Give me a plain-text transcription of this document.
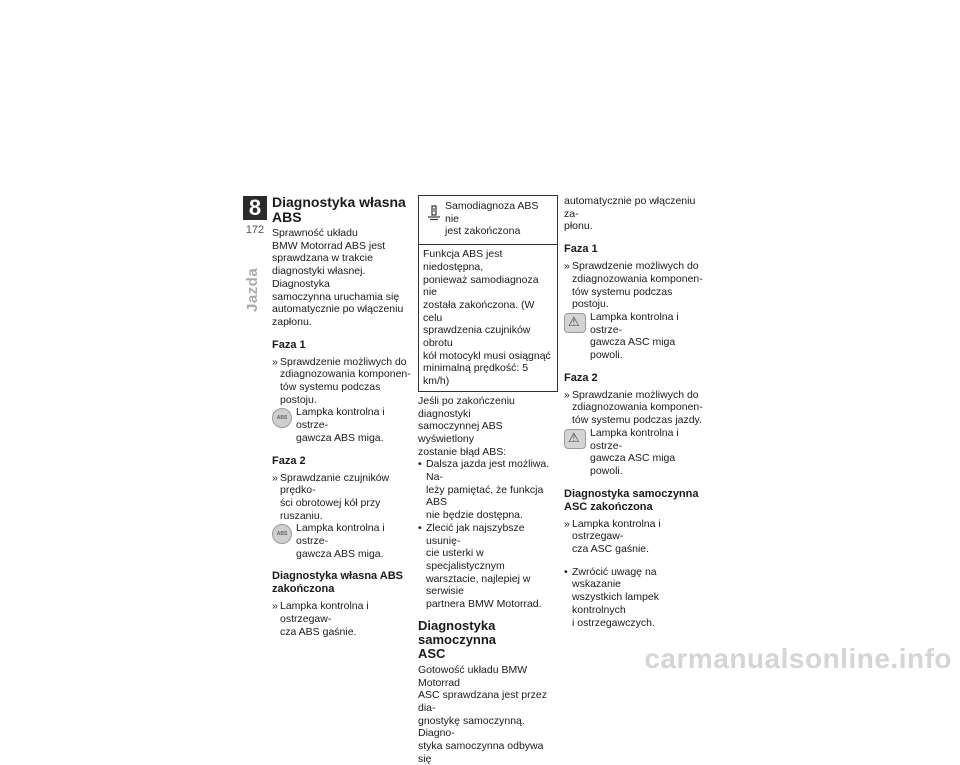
8
172
Jazda
Diagnostyka własna ABS

Sprawność układu
BMW Motorrad ABS jest
sprawdzana w trakcie
diagnostyki własnej. Diagnostyka
samoczynna uruchamia się
automatycznie po włączeniu
zapłonu.

Faza 1
» Sprawdzenie możliwych do
zdiagnozowania komponen-
tów systemu podczas postoju.

ABS Lampka kontrolna i ostrze-
gawcza ABS miga.

Faza 2
» Sprawdzanie czujników prędko-
ści obrotowej kół przy ruszaniu.

ABS Lampka kontrolna i ostrze-
gawcza ABS miga.

Diagnostyka własna ABS
zakończona
» Lampka kontrolna i ostrzegaw-
cza ABS gaśnie.

Samodiagnoza ABS nie
jest zakończona

Funkcja ABS jest niedostępna,
ponieważ samodiagnoza nie
została zakończona. (W celu
sprawdzenia czujników obrotu
kół motocykl musi osiągnąć
minimalną prędkość: 5 km/h)

Jeśli po zakończeniu diagnostyki
samoczynnej ABS wyświetlony
zostanie błąd ABS:

• Dalsza jazda jest możliwa. Na-
leży pamiętać, że funkcja ABS
nie będzie dostępna.

• Zlecić jak najszybsze usunię-
cie usterki w specjalistycznym
warsztacie, najlepiej w serwisie
partnera BMW Motorrad.

Diagnostyka samoczynna
ASC

Gotowość układu BMW Motorrad
ASC sprawdzana jest przez dia-
gnostykę samoczynną. Diagno-
styka samoczynna odbywa się

automatycznie po włączeniu za-
płonu.

Faza 1
» Sprawdzenie możliwych do
zdiagnozowania komponen-
tów systemu podczas postoju.

⚠ Lampka kontrolna i ostrze-
gawcza ASC miga powoli.

Faza 2
» Sprawdzanie możliwych do
zdiagnozowania komponen-
tów systemu podczas jazdy.

⚠ Lampka kontrolna i ostrze-
gawcza ASC miga powoli.

Diagnostyka samoczynna
ASC zakończona
» Lampka kontrolna i ostrzegaw-
cza ASC gaśnie.

• Zwrócić uwagę na wskazanie
wszystkich lampek kontrolnych
i ostrzegawczych.

carmanualsonline.info
